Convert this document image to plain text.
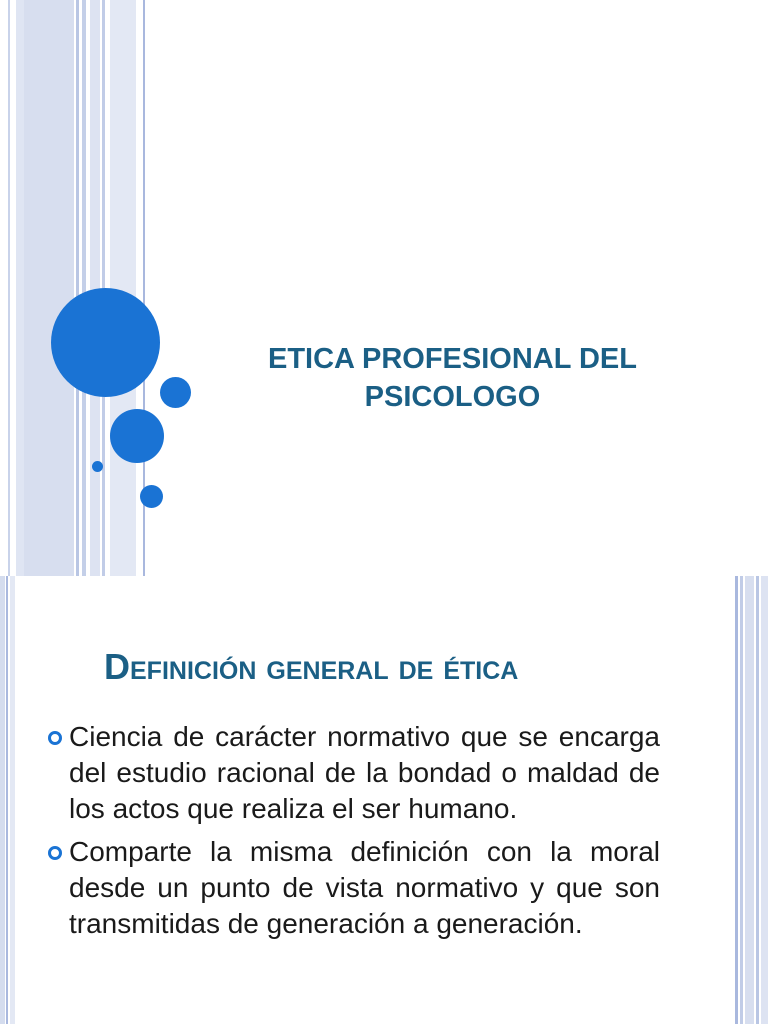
ETICA PROFESIONAL DEL
PSICOLOGO
Definición general de ética
Ciencia de carácter normativo que se encarga del estudio racional de la bondad o maldad de los actos que realiza el ser humano.
Comparte la misma definición con la moral desde un punto de vista normativo y que son transmitidas de generación a generación.
